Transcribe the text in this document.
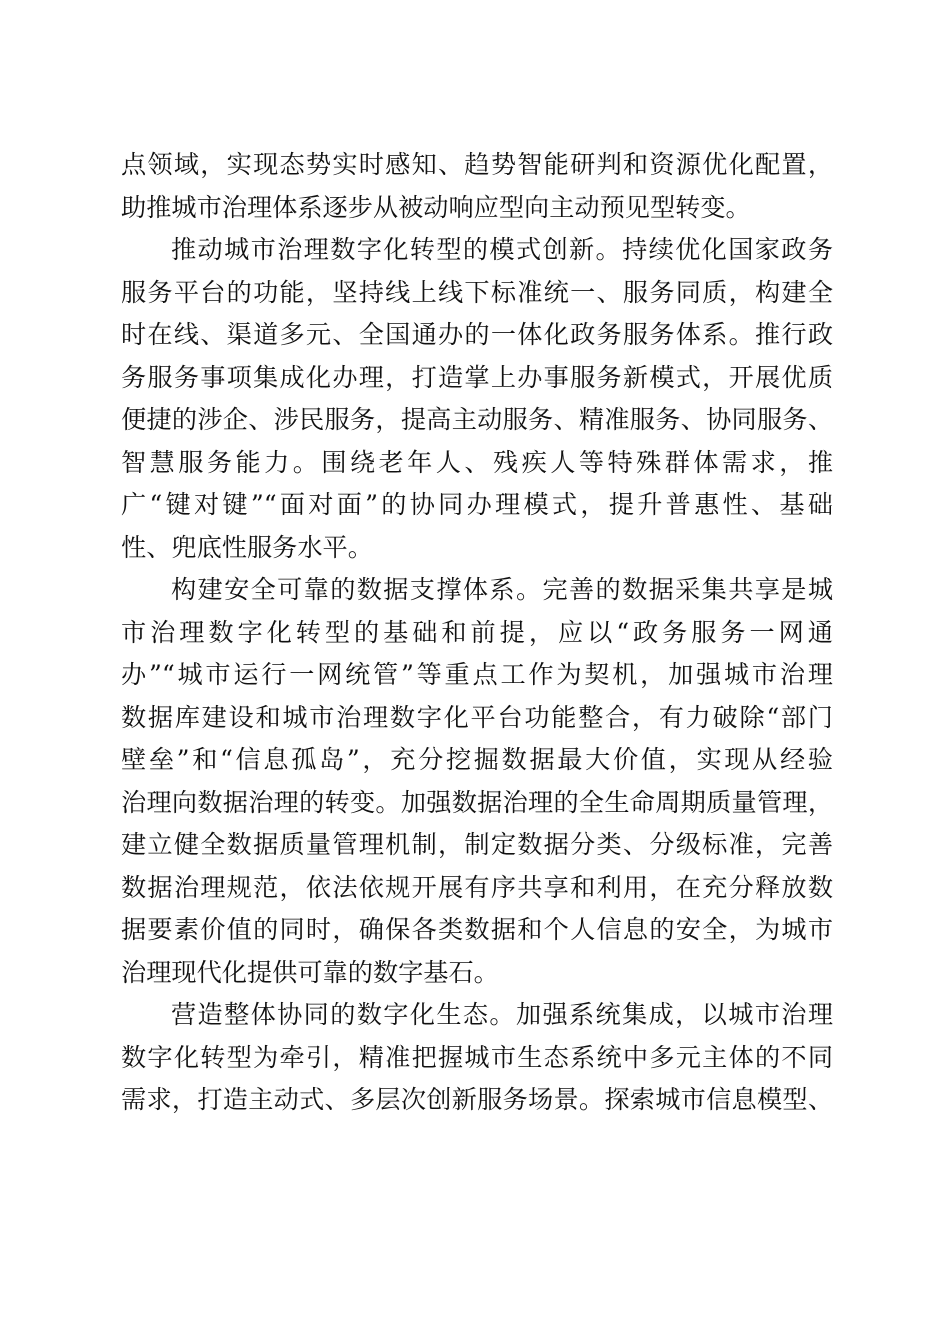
点领域，实现态势实时感知、趋势智能研判和资源优化配置，
助推城市治理体系逐步从被动响应型向主动预见型转变。
推动城市治理数字化转型的模式创新。持续优化国家政务
服务平台的功能，坚持线上线下标准统一、服务同质，构建全
时在线、渠道多元、全国通办的一体化政务服务体系。推行政
务服务事项集成化办理，打造掌上办事服务新模式，开展优质
便捷的涉企、涉民服务，提高主动服务、精准服务、协同服务、
智慧服务能力。围绕老年人、残疾人等特殊群体需求，推
广“键对键”“面对面”的协同办理模式，提升普惠性、基础
性、兜底性服务水平。
构建安全可靠的数据支撑体系。完善的数据采集共享是城
市治理数字化转型的基础和前提，应以“政务服务一网通
办”“城市运行一网统管”等重点工作为契机，加强城市治理
数据库建设和城市治理数字化平台功能整合，有力破除“部门
壁垒”和“信息孤岛”，充分挖掘数据最大价值，实现从经验
治理向数据治理的转变。加强数据治理的全生命周期质量管理，
建立健全数据质量管理机制，制定数据分类、分级标准，完善
数据治理规范，依法依规开展有序共享和利用，在充分释放数
据要素价值的同时，确保各类数据和个人信息的安全，为城市
治理现代化提供可靠的数字基石。
营造整体协同的数字化生态。加强系统集成，以城市治理
数字化转型为牵引，精准把握城市生态系统中多元主体的不同
需求，打造主动式、多层次创新服务场景。探索城市信息模型、
